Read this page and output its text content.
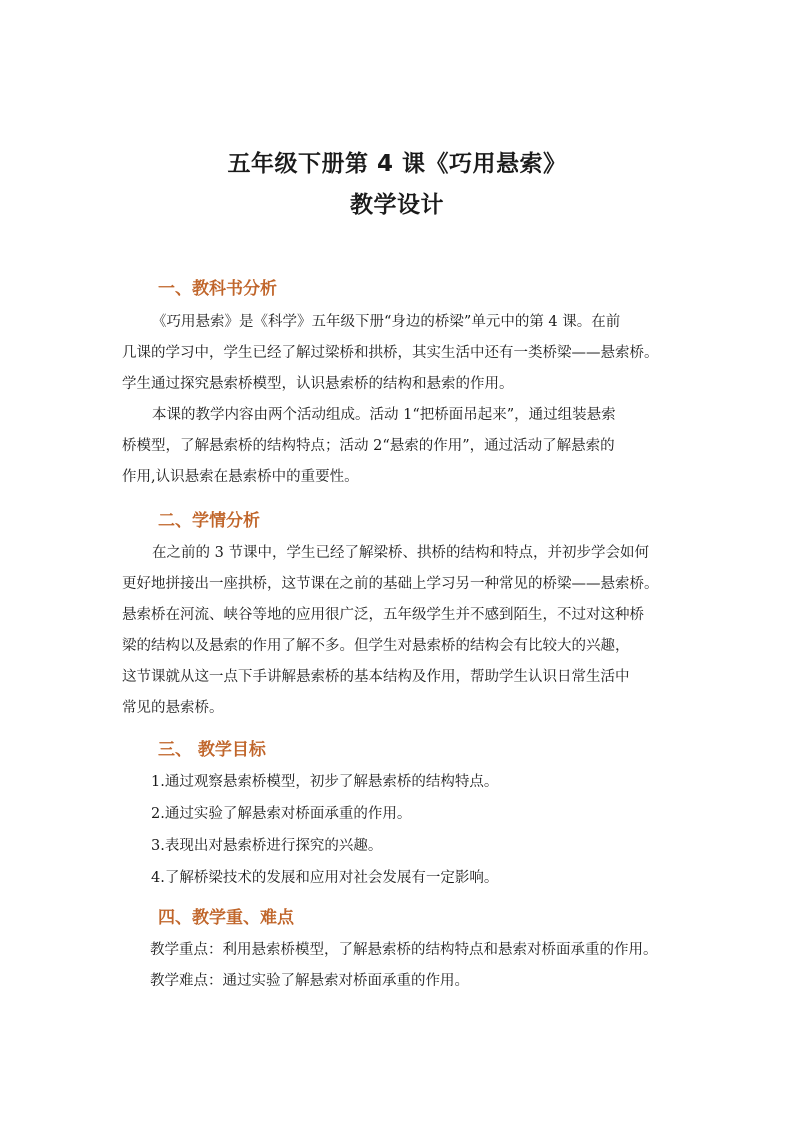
五年级下册第 4 课《巧用悬索》
教学设计
一、教科书分析
《巧用悬索》是《科学》五年级下册“身边的桥梁”单元中的第 4 课。在前
几课的学习中，学生已经了解过梁桥和拱桥，其实生活中还有一类桥梁——悬索桥。
学生通过探究悬索桥模型，认识悬索桥的结构和悬索的作用。
本课的教学内容由两个活动组成。活动 1“把桥面吊起来”，通过组装悬索
桥模型，了解悬索桥的结构特点；活动 2“悬索的作用”，通过活动了解悬索的
作用,认识悬索在悬索桥中的重要性。
二、学情分析
在之前的 3 节课中，学生已经了解梁桥、拱桥的结构和特点，并初步学会如何
更好地拼接出一座拱桥，这节课在之前的基础上学习另一种常见的桥梁——悬索桥。
悬索桥在河流、峡谷等地的应用很广泛，五年级学生并不感到陌生，不过对这种桥
梁的结构以及悬索的作用了解不多。但学生对悬索桥的结构会有比较大的兴趣，
这节课就从这一点下手讲解悬索桥的基本结构及作用，帮助学生认识日常生活中
常见的悬索桥。
三、 教学目标
1.通过观察悬索桥模型，初步了解悬索桥的结构特点。
2.通过实验了解悬索对桥面承重的作用。
3.表现出对悬索桥进行探究的兴趣。
4.了解桥梁技术的发展和应用对社会发展有一定影响。
四、教学重、难点
教学重点：利用悬索桥模型，了解悬索桥的结构特点和悬索对桥面承重的作用。
教学难点：通过实验了解悬索对桥面承重的作用。
